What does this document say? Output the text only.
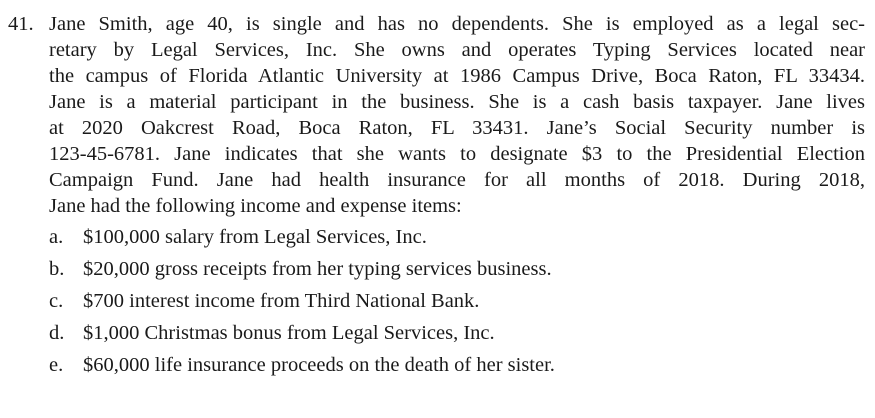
41. Jane Smith, age 40, is single and has no dependents. She is employed as a legal sec-
retary by Legal Services, Inc. She owns and operates Typing Services located near
the campus of Florida Atlantic University at 1986 Campus Drive, Boca Raton, FL 33434.
Jane is a material participant in the business. She is a cash basis taxpayer. Jane lives
at 2020 Oakcrest Road, Boca Raton, FL 33431. Jane’s Social Security number is
123-45-6781. Jane indicates that she wants to designate $3 to the Presidential Election
Campaign Fund. Jane had health insurance for all months of 2018. During 2018,
Jane had the following income and expense items:
a. $100,000 salary from Legal Services, Inc.
b. $20,000 gross receipts from her typing services business.
c. $700 interest income from Third National Bank.
d. $1,000 Christmas bonus from Legal Services, Inc.
e. $60,000 life insurance proceeds on the death of her sister.
